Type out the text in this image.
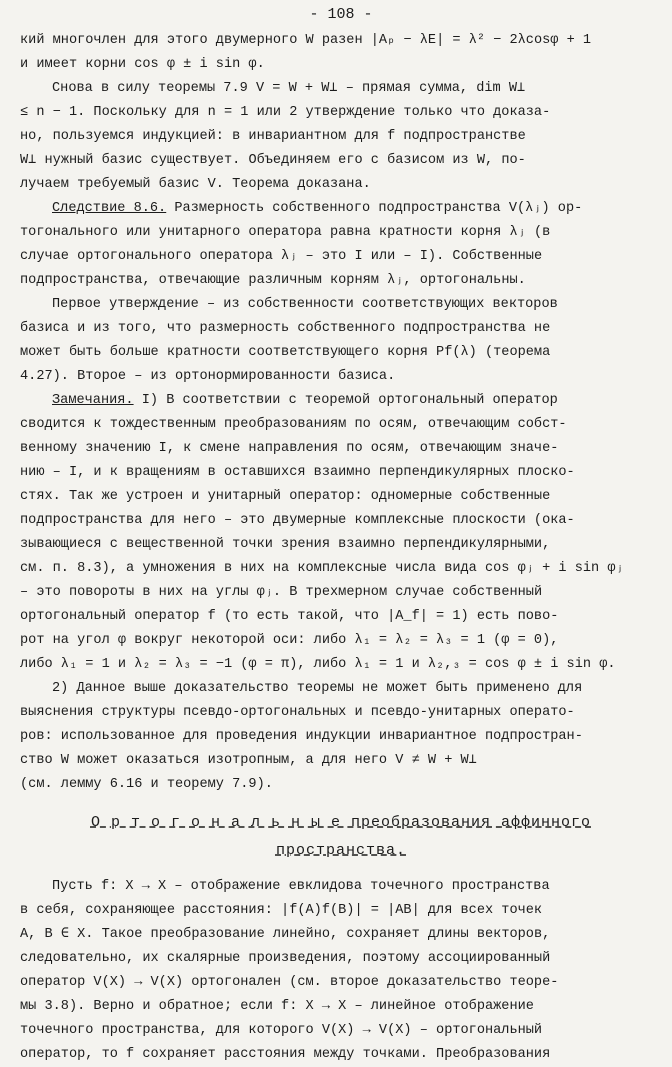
- 108 -

кий многочлен для этого двумерного W разен |Aₚ − λE| = λ² − 2λcosφ + 1

и имеет корни cos φ ± i sin φ.

Снова в силу теоремы 7.9 V = W + W⊥ – прямая сумма, dim W⊥

≤ n − 1. Поскольку для n = 1 или 2 утверждение только что доказа-

но, пользуемся индукцией: в инвариантном для f подпространстве

W⊥ нужный базис существует. Объединяем его с базисом из W, по-

лучаем требуемый базис V. Теорема доказана.

Следствие 8.6. Размерность собственного подпространства V(λⱼ) ор-

тогонального или унитарного оператора равна кратности корня λⱼ (в

случае ортогонального оператора λⱼ – это I или – I). Собственные

подпространства, отвечающие различным корням λⱼ, ортогональны.

Первое утверждение – из собственности соответствующих векторов

базиса и из того, что размерность собственного подпространства не

может быть больше кратности соответствующего корня Pf(λ) (теорема

4.27). Второе – из ортонормированности базиса.

Замечания. I) В соответствии с теоремой ортогональный оператор

сводится к тождественным преобразованиям по осям, отвечающим собст-

венному значению I, к смене направления по осям, отвечающим значе-

нию – I, и к вращениям в оставшихся взаимно перпендикулярных плоско-

стях. Так же устроен и унитарный оператор: одномерные собственные

подпространства для него – это двумерные комплексные плоскости (ока-

зывающиеся с вещественной точки зрения взаимно перпендикулярными,

см. п. 8.3), а умножения в них на комплексные числа вида cos φⱼ + i sin φⱼ

– это повороты в них на углы φⱼ. В трехмерном случае собственный

ортогональный оператор f (то есть такой, что |A_f| = 1) есть пово-

рот на угол φ вокруг некоторой оси: либо λ₁ = λ₂ = λ₃ = 1 (φ = 0),

либо λ₁ = 1 и λ₂ = λ₃ = −1 (φ = π), либо λ₁ = 1 и λ₂,₃ = cos φ ± i sin φ.

2) Данное выше доказательство теоремы не может быть применено для

выяснения структуры псевдо-ортогональных и псевдо-унитарных операто-

ров: использованное для проведения индукции инвариантное подпростран-

ство W может оказаться изотропным, а для него V ≠ W + W⊥

(см. лемму 6.16 и теорему 7.9).

О р т о г о н а л ь н ы е преобразования аффинного
пространства.

Пусть f: X → X – отображение евклидова точечного пространства

в себя, сохраняющее расстояния: |f(A)f(B)| = |AB| для всех точек

A, B ∈ X. Такое преобразование линейно, сохраняет длины векторов,

следовательно, их скалярные произведения, поэтому ассоциированный

оператор V(X) → V(X) ортогонален (см. второе доказательство теоре-

мы 3.8). Верно и обратное; если f: X → X – линейное отображение

точечного пространства, для которого V(X) → V(X) – ортогональный

оператор, то f сохраняет расстояния между точками. Преобразования
